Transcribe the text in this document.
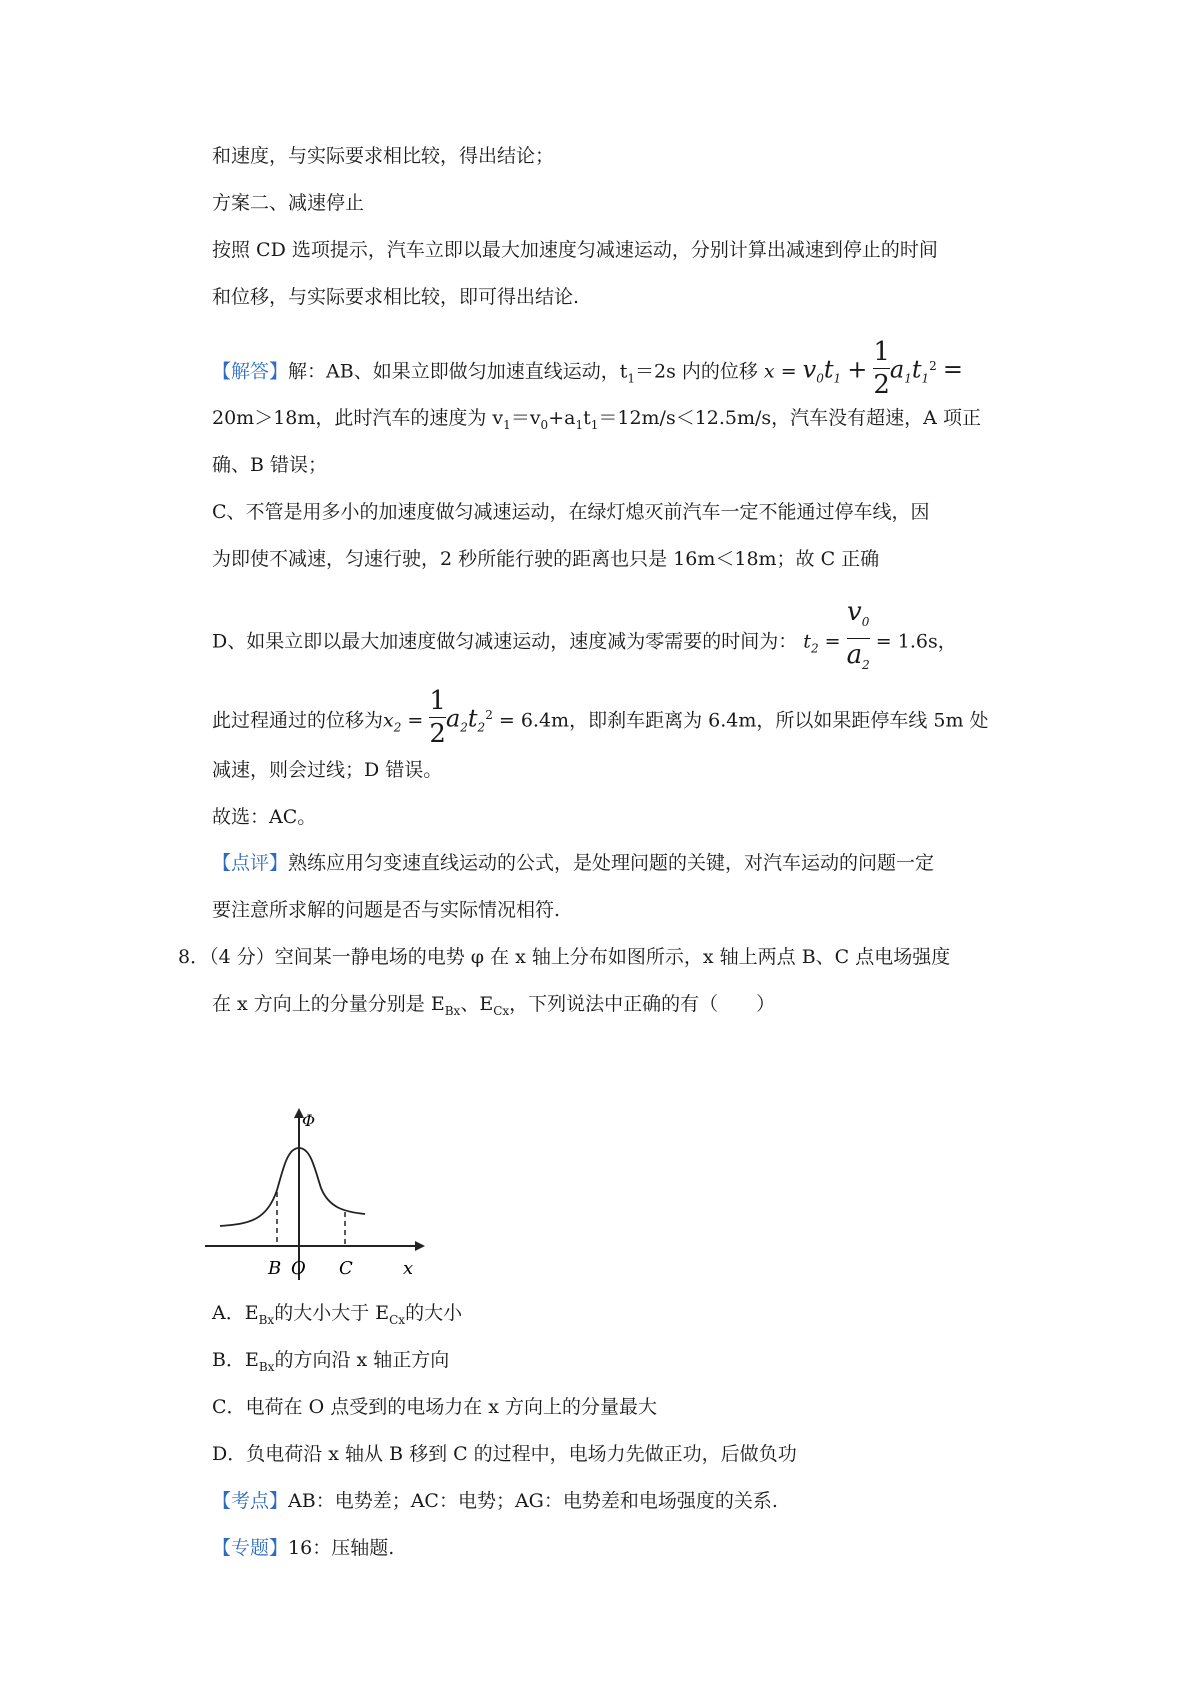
和速度，与实际要求相比较，得出结论；
方案二、减速停止
按照 CD 选项提示，汽车立即以最大加速度匀减速运动，分别计算出减速到停止的时间
和位移，与实际要求相比较，即可得出结论.
【解答】解：AB、如果立即做匀加速直线运动，$t_1=2s$ 内的位移 $x = v_0t_1 + \frac{1}{2} a_1t_1^2$ =
20m＞18m，此时汽车的速度为 $v_1=v_0+a_1t_1=12m/s<12.5m/s$，汽车没有超速，A 项正
确、B 错误；
C、不管是用多小的加速度做匀减速运动，在绿灯熄灭前汽车一定不能通过停车线，因
为即使不减速，匀速行驶，2 秒所能行驶的距离也只是 16m＜18m；故 C 正确
D、如果立即以最大加速度做匀减速运动，速度减为零需要的时间为： $t_2 = \frac{v_0}{a_2} = 1.6s$，
此过程通过的位移为$x_2 = \frac{1}{2} a_2t_2^2 = 6.4m$，即刹车距离为 6.4m，所以如果距停车线 5m 处
减速，则会过线；D 错误。
故选：AC。
【点评】熟练应用匀变速直线运动的公式，是处理问题的关键，对汽车运动的问题一定
要注意所求解的问题是否与实际情况相符.
8．（4 分）空间某一静电场的电势 φ 在 x 轴上分布如图所示，x 轴上两点 B、C 点电场强度
在 x 方向上的分量分别是 $E_{Bx}$、$E_{Cx}$，下列说法中正确的有（　　）
Φ
B O C	x
A．$E_{Bx}$的大小大于 $E_{Cx}$的大小
B．$E_{Bx}$的方向沿 x 轴正方向
C．电荷在 O 点受到的电场力在 x 方向上的分量最大
D．负电荷沿 x 轴从 B 移到 C 的过程中，电场力先做正功，后做负功
【考点】AB：电势差；AC：电势；AG：电势差和电场强度的关系.
【专题】16：压轴题.
